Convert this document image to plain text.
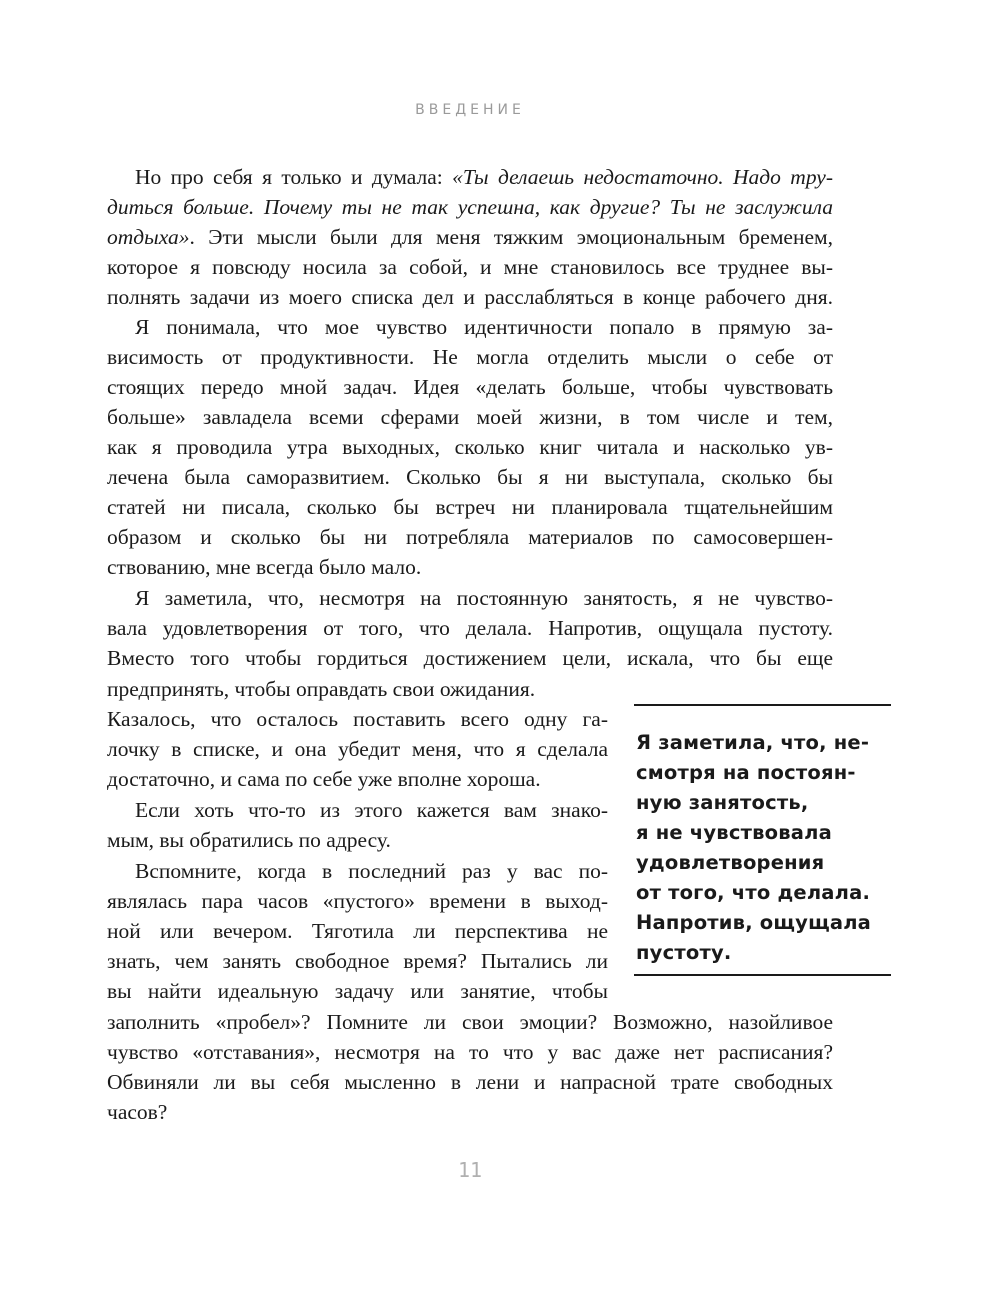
ВВЕДЕНИЕ
Но про себя я только и думала: «Ты делаешь недостаточно. Надо тру-
диться больше. Почему ты не так успешна, как другие? Ты не заслужила
отдыха». Эти мысли были для меня тяжким эмоциональным бременем,
которое я повсюду носила за собой, и мне становилось все труднее вы-
полнять задачи из моего списка дел и расслабляться в конце рабочего дня.
Я понимала, что мое чувство идентичности попало в прямую за-
висимость от продуктивности. Не могла отделить мысли о себе от
стоящих передо мной задач. Идея «делать больше, чтобы чувствовать
больше» завладела всеми сферами моей жизни, в том числе и тем,
как я проводила утра выходных, сколько книг читала и насколько ув-
лечена была саморазвитием. Сколько бы я ни выступала, сколько бы
статей ни писала, сколько бы встреч ни планировала тщательнейшим
образом и сколько бы ни потребляла материалов по самосовершен-
ствованию, мне всегда было мало.
Я заметила, что, несмотря на постоянную занятость, я не чувство-
вала удовлетворения от того, что делала. Напротив, ощущала пустоту.
Вместо того чтобы гордиться достижением цели, искала, что бы еще
предпринять, чтобы оправдать свои ожидания.
Казалось, что осталось поставить всего одну га-
лочку в списке, и она убедит меня, что я сделала
достаточно, и сама по себе уже вполне хороша.
Если хоть что-то из этого кажется вам знако-
мым, вы обратились по адресу.
Вспомните, когда в последний раз у вас по-
являлась пара часов «пустого» времени в выход-
ной или вечером. Тяготила ли перспектива не
знать, чем занять свободное время? Пытались ли
вы найти идеальную задачу или занятие, чтобы
заполнить «пробел»? Помните ли свои эмоции? Возможно, назойливое
чувство «отставания», несмотря на то что у вас даже нет расписания?
Обвиняли ли вы себя мысленно в лени и напрасной трате свободных
часов?
Я заметила, что, не-
смотря на постоян-
ную занятость,
я не чувствовала
удовлетворения
от того, что делала.
Напротив, ощущала
пустоту.
11
